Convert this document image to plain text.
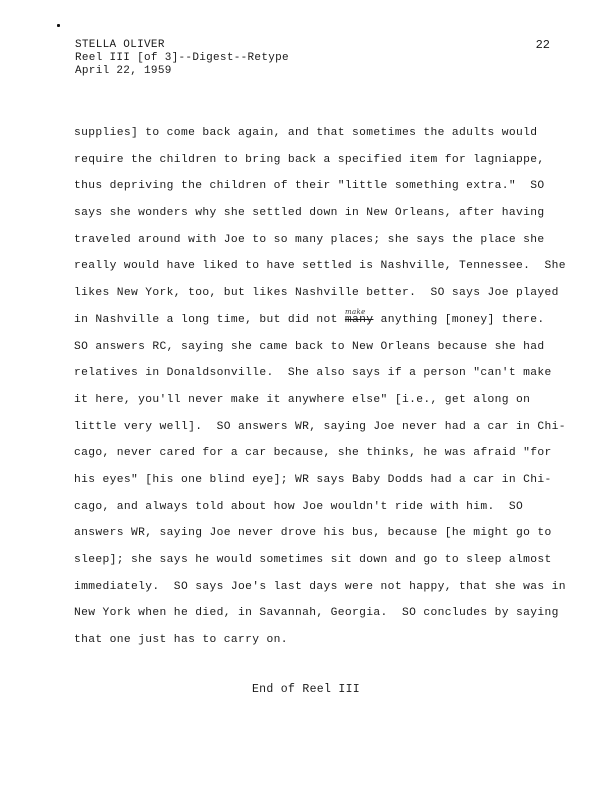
STELLA OLIVER
Reel III [of 3]--Digest--Retype
April 22, 1959
22
supplies] to come back again, and that sometimes the adults would
require the children to bring back a specified item for lagniappe,
thus depriving the children of their "little something extra."  SO
says she wonders why she settled down in New Orleans, after having
traveled around with Joe to so many places; she says the place she
really would have liked to have settled is Nashville, Tennessee.  She
likes New York, too, but likes Nashville better.  SO says Joe played
make
in Nashville a long time, but did not many anything [money] there.
SO answers RC, saying she came back to New Orleans because she had
relatives in Donaldsonville.  She also says if a person "can't make
it here, you'll never make it anywhere else" [i.e., get along on
little very well].  SO answers WR, saying Joe never had a car in Chi-
cago, never cared for a car because, she thinks, he was afraid "for
his eyes" [his one blind eye]; WR says Baby Dodds had a car in Chi-
cago, and always told about how Joe wouldn't ride with him.  SO
answers WR, saying Joe never drove his bus, because [he might go to
sleep]; she says he would sometimes sit down and go to sleep almost
immediately.  SO says Joe's last days were not happy, that she was in
New York when he died, in Savannah, Georgia.  SO concludes by saying
that one just has to carry on.
End of Reel III
